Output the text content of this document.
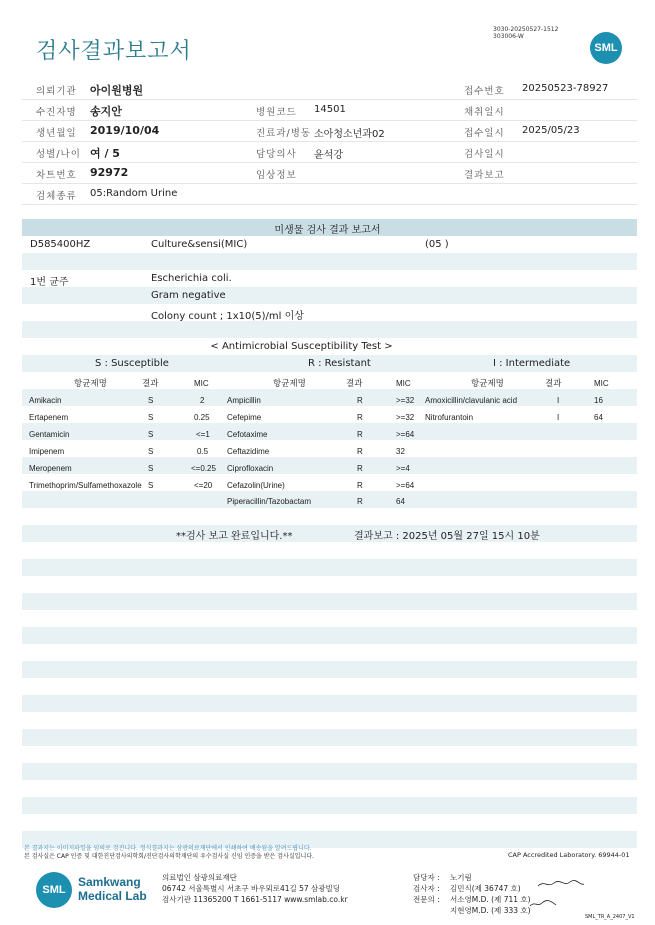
검사결과보고서
3030-20250527-1512
303006-W
SML
의뢰기관 아이원병원	접수번호 20250523-78927
수진자명 송지안	병원코드 14501	채취일시
생년월일 2019/10/04	진료과/병동 소아청소년과02	접수일시 2025/05/23
성별/나이 여 / 5	담당의사 윤석강	검사일시
차트번호 92972	임상정보	결과보고
검체종류 05:Random Urine
미생물 검사 결과 보고서
D585400HZ	Culture&sensi(MIC)	(05 )
1번 균주	Escherichia coli.
Gram negative
Colony count ; 1x10(5)/ml 이상
< Antimicrobial Susceptibility Test >
S : Susceptible	R : Resistant	I : Intermediate
항균제명	결과	MIC	항균제명	결과	MIC	항균제명	결과	MIC
Amikacin	S	2	Ampicillin	R	>=32 Amoxicillin/clavulanic acid	I	16
Ertapenem	S	0.25 Cefepime	R	>=32 Nitrofurantoin	I	64
Gentamicin	S	<=1 Cefotaxime	R	>=64
Imipenem	S	0.5 Ceftazidime	R	32
Meropenem	S	<=0.25 Ciprofloxacin	R	>=4
Trimethoprim/Sulfamethoxazole S	<=20 Cefazolin(Urine)	R	>=64
Piperacillin/Tazobactam	R	64
**검사 보고 완료입니다.**	결과보고 : 2025년 05월 27일 15시 10분
본 결과지는 이미지파일을 임의로 검진니다. 정식결과지는 삼광의료재단에서 인쇄하여 배송됨을 알려드립니다.
본 검사실은 CAP 인증 및 대한진단검사의학회/진단검사의학재단의 우수검사실 신임 인증을 받은 검사실입니다.	CAP Accredited Laboratory. 69944-01
SML
Samkwang
Medical Lab
의료법인 삼광의료재단
06742 서울특별시 서초구 바우뫼로41길 57 삼광빌딩
검사기관 11365200 T 1661-5117 www.smlab.co.kr
담당자 : 노기림
검사자 : 김민식(제 36747 호)
전문의 : 서소영M.D. (제 711 호)
지현영M.D. (제 333 호)
SML_TR_A_2407_V1
